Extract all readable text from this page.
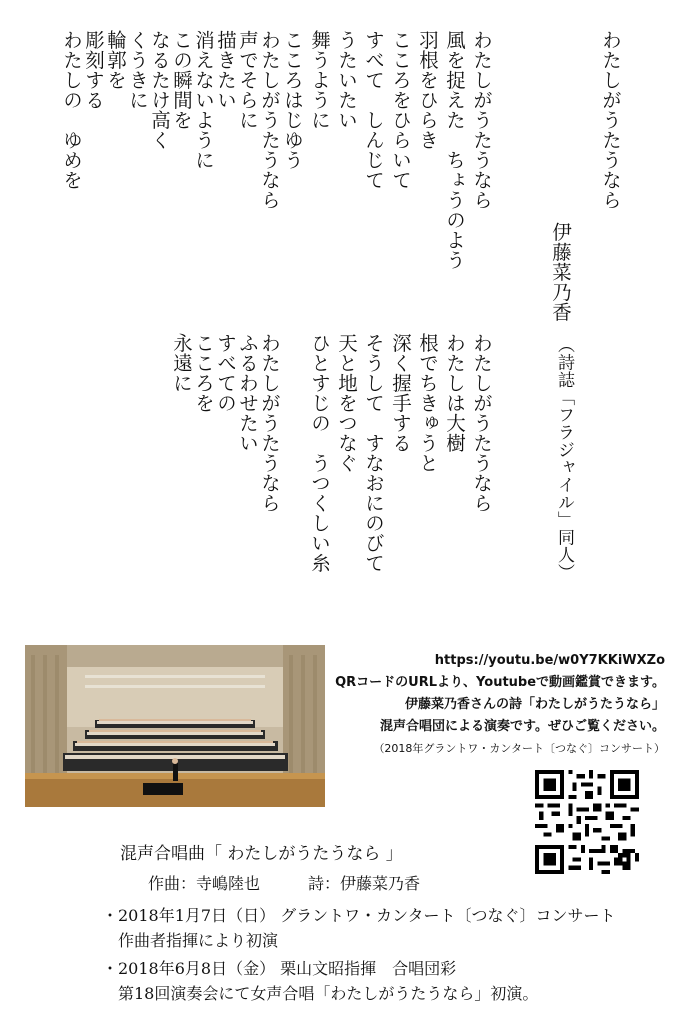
わたしがうたうなら
伊藤菜乃香
（詩誌「フラジャイル」同人）
わたしがうたうなら
風を捉えた　ちょうのよう
羽根をひらき
こころをひらいて
すべて　しんじて
うたいたい
舞うように
こころはじゆう
わたしがうたうなら
声でそらに
描きたい
消えないように
この瞬間を
なるたけ高く
くうきに
輪郭を
彫刻する
わたしがうたうなら
わたしは大樹
根でちきゅうと
深く握手する
そうして　すなおにのびて
天と地をつなぐ
ひとすじの　うつくしい糸
わたしがうたうなら
ふるわせたい
すべての
こころを
永遠に
わたしの　ゆめを
https://youtu.be/w0Y7KKiWXZo
QRコードのURLより、Youtubeで動画鑑賞できます。
伊藤菜乃香さんの詩「わたしがうたうなら」
混声合唱団による演奏です。ぜひご覧ください。
（2018年グラントワ・カンタート〔つなぐ〕コンサート）
混声合唱曲「 わたしがうたうなら 」
作曲：寺嶋陸也　　　詩：伊藤菜乃香
・2018年1月7日（日） グラントワ・カンタート〔つなぐ〕コンサート
作曲者指揮により初演
・2018年6月8日（金） 栗山文昭指揮　合唱団彩
第18回演奏会にて女声合唱「わたしがうたうなら」初演。
